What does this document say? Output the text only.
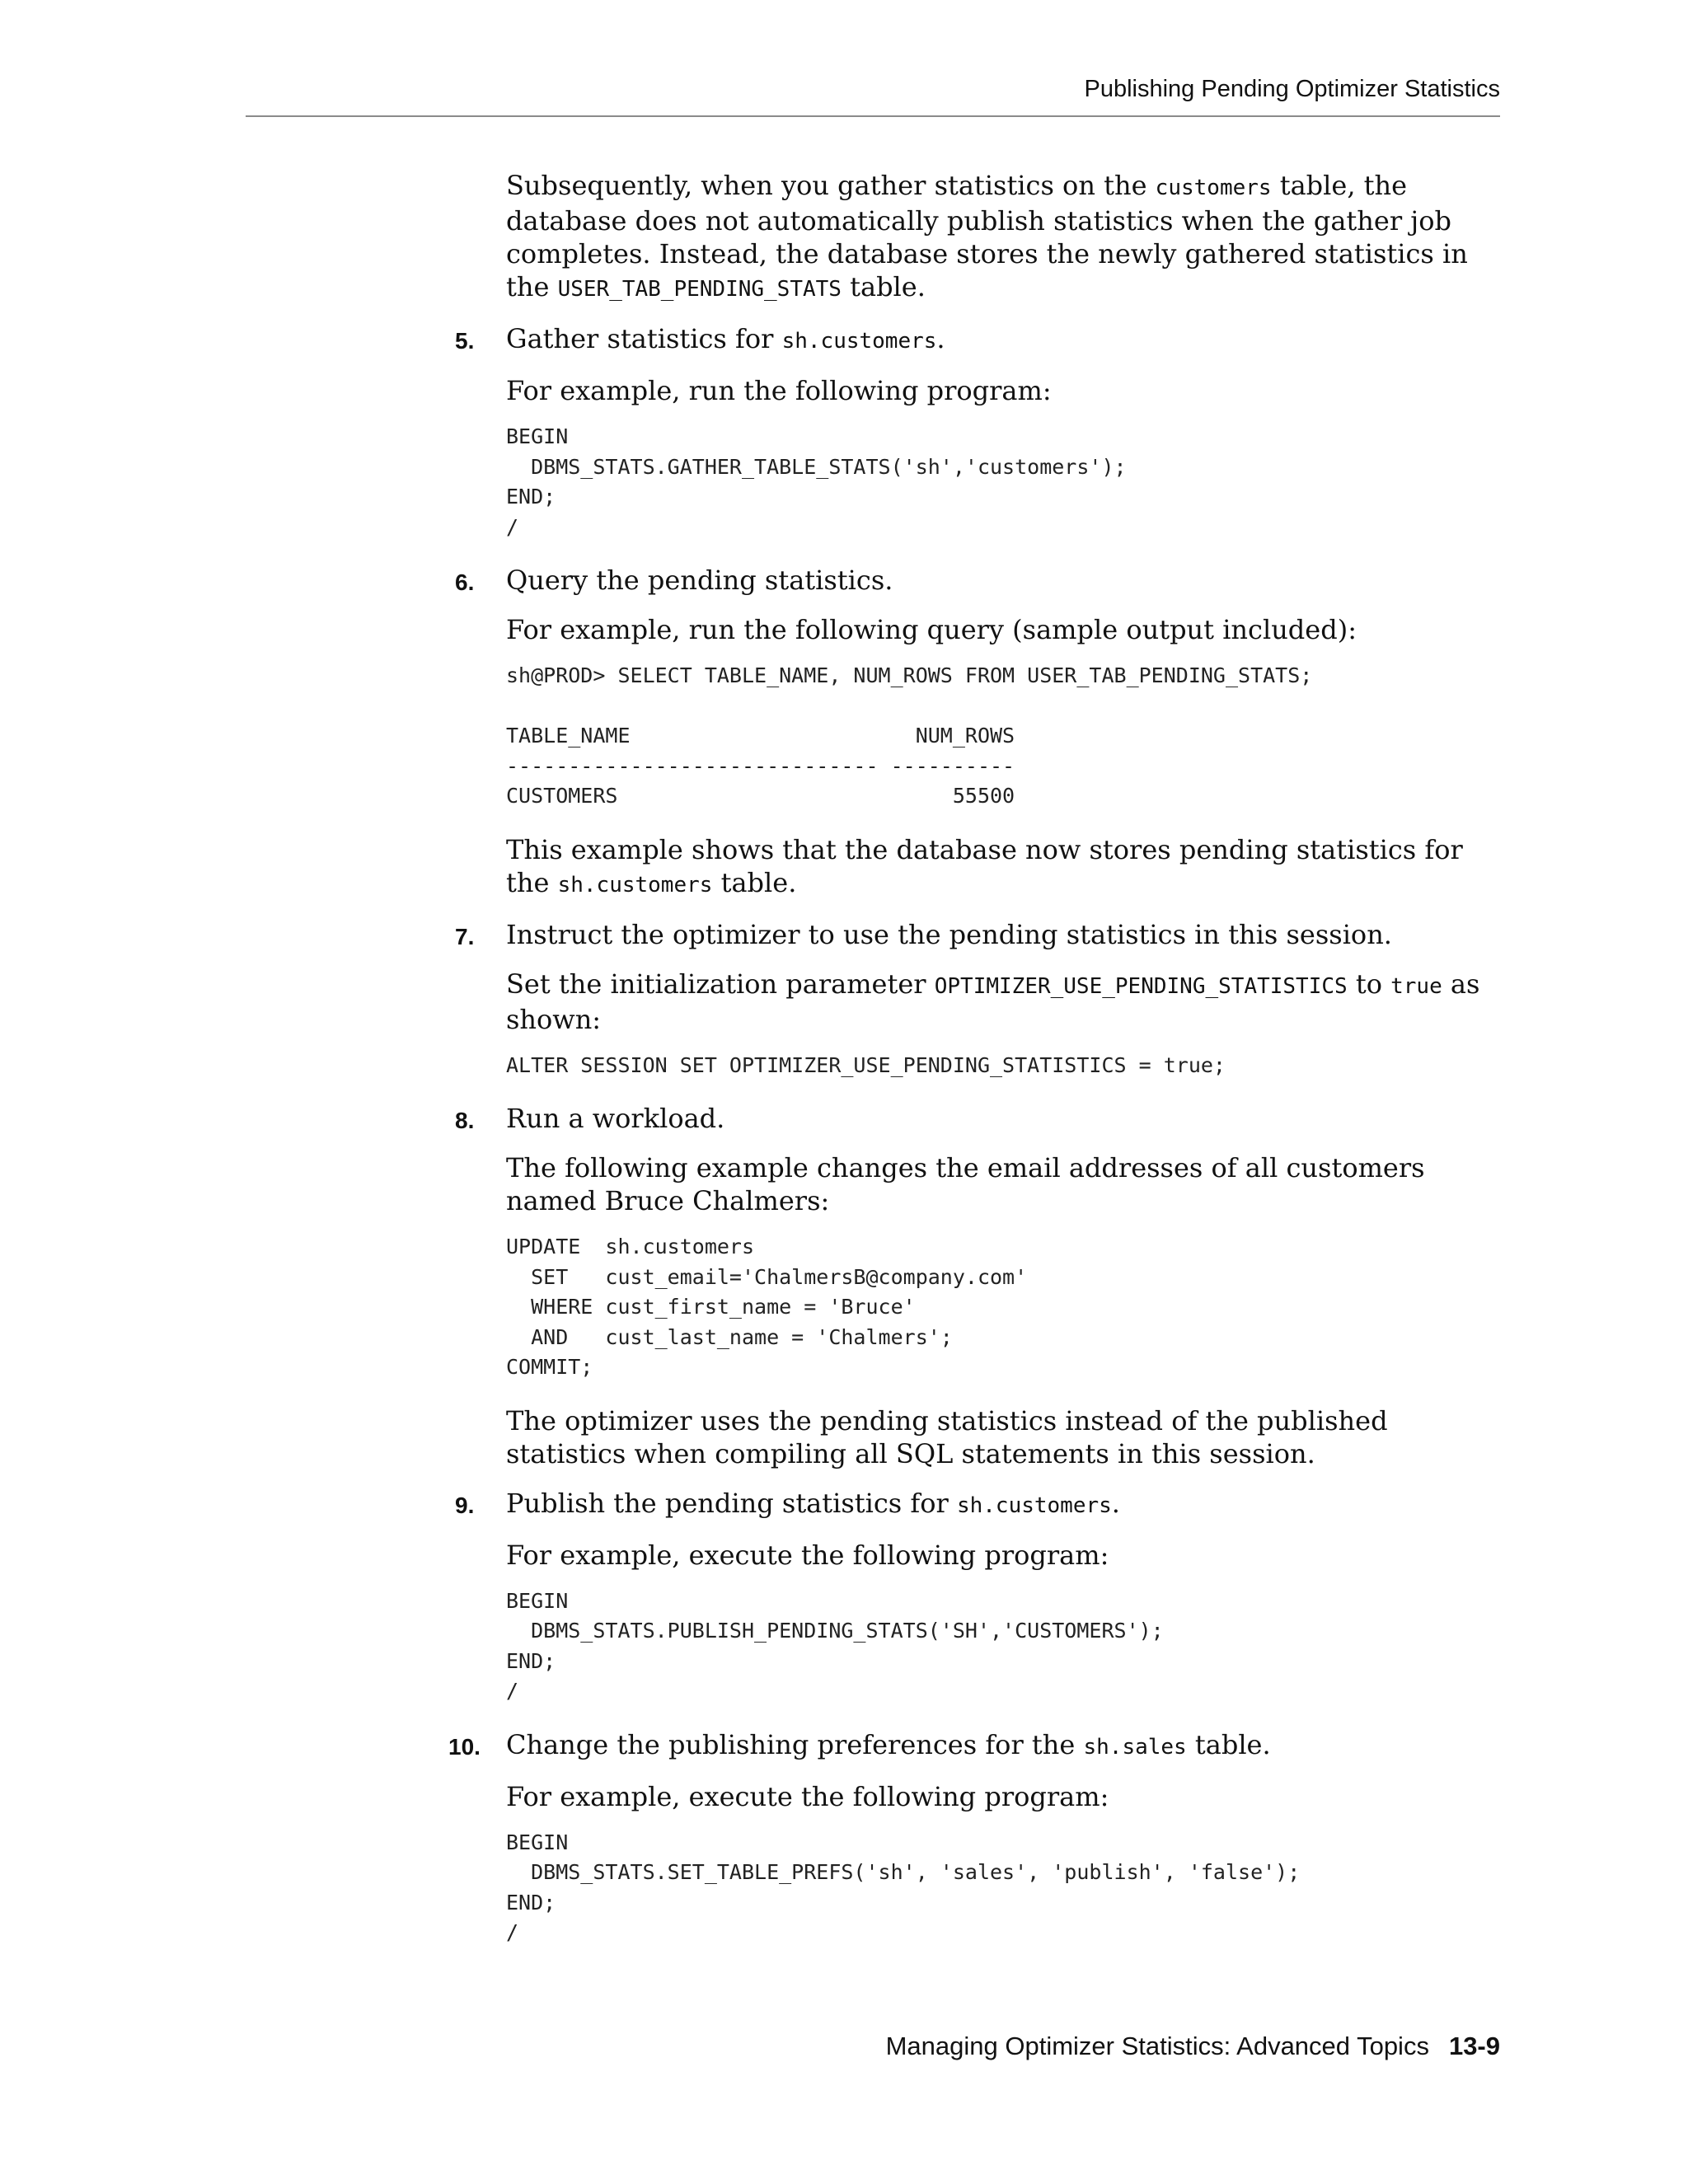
Publishing Pending Optimizer Statistics

Subsequently, when you gather statistics on the customers table, the database does not automatically publish statistics when the gather job completes. Instead, the database stores the newly gathered statistics in the USER_TAB_PENDING_STATS table.

5. Gather statistics for sh.customers.

For example, run the following program:

BEGIN
DBMS_STATS.GATHER_TABLE_STATS('sh','customers');
END;
/
6. Query the pending statistics.

For example, run the following query (sample output included):

sh@PROD> SELECT TABLE_NAME, NUM_ROWS FROM USER_TAB_PENDING_STATS;

TABLE_NAME                       NUM_ROWS
------------------------------ ----------
CUSTOMERS                           55500

This example shows that the database now stores pending statistics for the sh.customers table.

7. Instruct the optimizer to use the pending statistics in this session.

Set the initialization parameter OPTIMIZER_USE_PENDING_STATISTICS to true as shown:

ALTER SESSION SET OPTIMIZER_USE_PENDING_STATISTICS = true;
8. Run a workload.

The following example changes the email addresses of all customers named Bruce Chalmers:

UPDATE  sh.customers
SET   cust_email='ChalmersB@company.com'
WHERE cust_first_name = 'Bruce'
AND   cust_last_name = 'Chalmers';
COMMIT;

The optimizer uses the pending statistics instead of the published statistics when compiling all SQL statements in this session.

9. Publish the pending statistics for sh.customers.

For example, execute the following program:

BEGIN
DBMS_STATS.PUBLISH_PENDING_STATS('SH','CUSTOMERS');
END;
/
10. Change the publishing preferences for the sh.sales table.

For example, execute the following program:

BEGIN
DBMS_STATS.SET_TABLE_PREFS('sh', 'sales', 'publish', 'false');
END;
/
Managing Optimizer Statistics: Advanced Topics 13-9
